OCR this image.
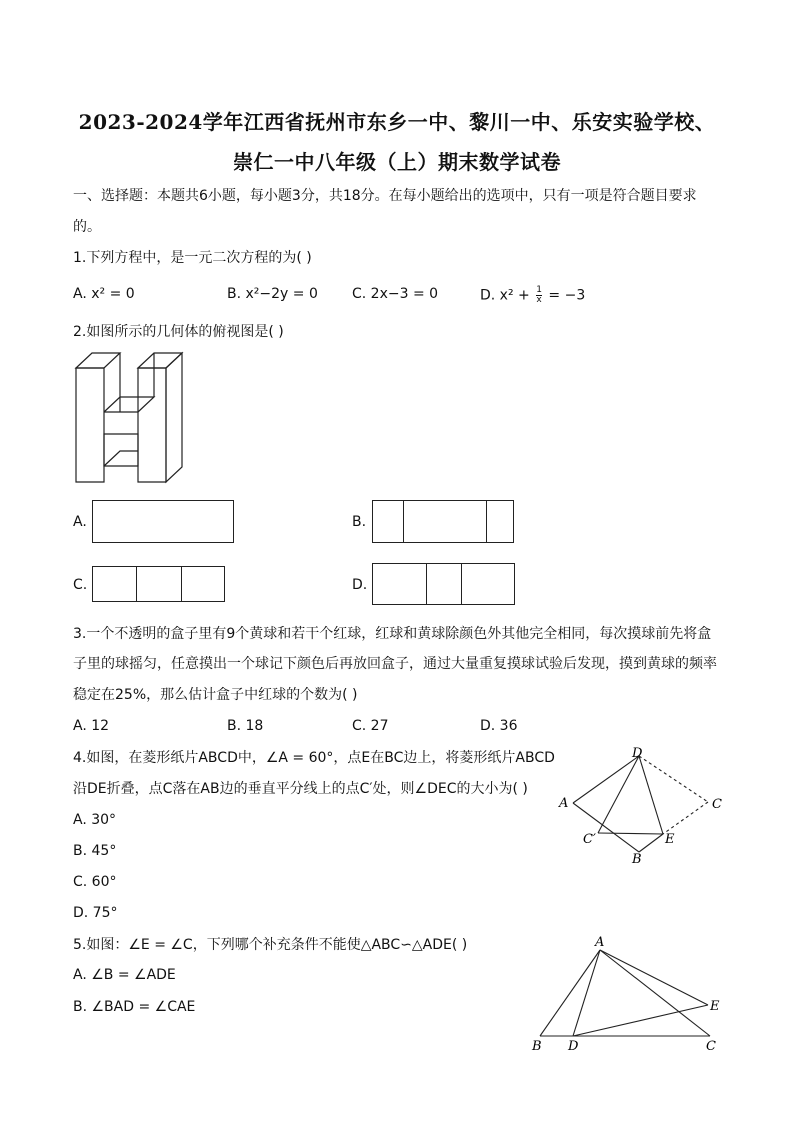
2023-2024学年江西省抚州市东乡一中、黎川一中、乐安实验学校、
崇仁一中八年级（上）期末数学试卷
一、选择题：本题共6小题，每小题3分，共18分。在每小题给出的选项中，只有一项是符合题目要求
的。
1.下列方程中，是一元二次方程的为( )
A. x² = 0	B. x²−2y = 0 C. 2x−3 = 0	D. $x^2 + \frac{1}{x} = -3$
2.如图所示的几何体的俯视图是( )
A.	B.
C.	D.
3.一个不透明的盒子里有9个黄球和若干个红球，红球和黄球除颜色外其他完全相同，每次摸球前先将盒
子里的球摇匀，任意摸出一个球记下颜色后再放回盒子，通过大量重复摸球试验后发现，摸到黄球的频率
稳定在25%，那么估计盒子中红球的个数为( )
A. 12	B. 18	C. 27	D. 36
4.如图，在菱形纸片ABCD中，∠A = 60°，点E在BC边上，将菱形纸片ABCD
沿DE折叠，点C落在AB边的垂直平分线上的点C′处，则∠DEC的大小为( )
A. 30°
B. 45°
C. 60°
D. 75°
A
D
C
C′	E
B
5.如图：∠E = ∠C，下列哪个补充条件不能使△ABC∽△ADE( )
A. ∠B = ∠ADE
B. ∠BAD = ∠CAE
A
B D	C
E
